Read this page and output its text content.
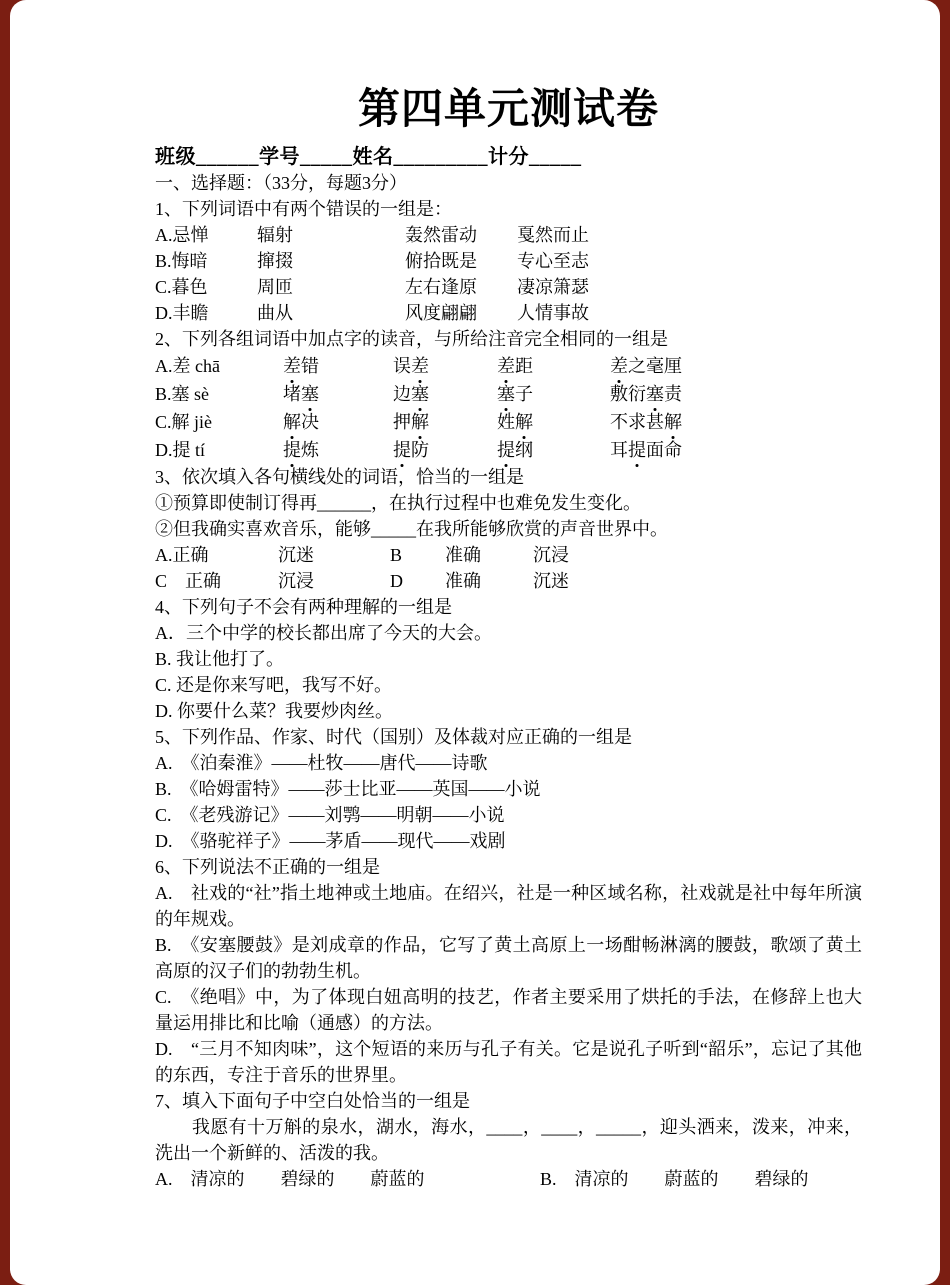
第四单元测试卷

班级______学号_____姓名_________计分_____

一、选择题：（33分，每题3分）

1、下列词语中有两个错误的一组是：

A.忌惮	辐射	轰然雷动	戛然而止
B.悔暗	撺掇	俯拾既是	专心至志
C.暮色	周匝	左右逢原	凄凉箫瑟
D.丰瞻	曲从	风度翩翩	人情事故

2、下列各组词语中加点字的读音，与所给注音完全相同的一组是

A.差 chā	差错	误差	差距	差之毫厘
B.塞 sè	堵塞	边塞	塞子	敷衍塞责
C.解 jiè	解决	押解	姓解	不求甚解
D.提 tí	提炼	提防	提纲	耳提面命

3、依次填入各句横线处的词语，恰当的一组是

①预算即使制订得再______，在执行过程中也难免发生变化。

②但我确实喜欢音乐，能够_____在我所能够欣赏的声音世界中。

A.正确	沉迷	B	准确	沉浸
C　正确	沉浸	D	准确	沉迷

4、下列句子不会有两种理解的一组是

A．三个中学的校长都出席了今天的大会。

B. 我让他打了。

C. 还是你来写吧，我写不好。

D. 你要什么菜？我要炒肉丝。

5、下列作品、作家、时代（国别）及体裁对应正确的一组是

A.　《泊秦淮》——杜牧——唐代——诗歌

B.　《哈姆雷特》——莎士比亚——英国——小说

C.　《老残游记》——刘鹗——明朝——小说

D.　《骆驼祥子》——茅盾——现代——戏剧

6、下列说法不正确的一组是

A.　社戏的“社”指土地神或土地庙。在绍兴，社是一种区域名称，社戏就是社中每年所演的年规戏。

B.　《安塞腰鼓》是刘成章的作品，它写了黄土高原上一场酣畅淋漓的腰鼓，歌颂了黄土高原的汉子们的勃勃生机。

C.　《绝唱》中，为了体现白妞高明的技艺，作者主要采用了烘托的手法，在修辞上也大量运用排比和比喻（通感）的方法。

D.　“三月不知肉味”，这个短语的来历与孔子有关。它是说孔子听到“韶乐”，忘记了其他的东西，专注于音乐的世界里。

7、填入下面句子中空白处恰当的一组是

　　我愿有十万斛的泉水，湖水，海水，____，____，_____，迎头洒来，泼来，冲来，洗出一个新鲜的、活泼的我。

A.　清凉的　　碧绿的　　蔚蓝的	B.　清凉的　　蔚蓝的　　碧绿的
